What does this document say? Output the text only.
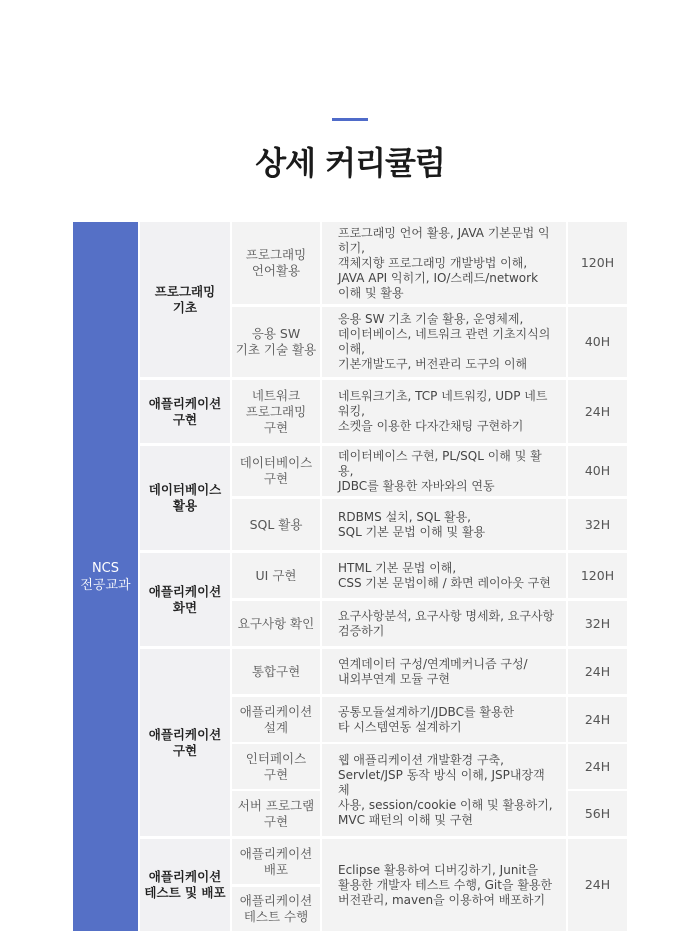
상세 커리큘럼
NCS
전공교과
프로그래밍
기초
애플리케이션
구현
데이터베이스
활용
애플리케이션
화면
애플리케이션
구현
애플리케이션
테스트 및 배포
프로그래밍
언어활용
응용 SW
기초 기술 활용
네트워크
프로그래밍
구현
데이터베이스
구현
SQL 활용
UI 구현
요구사항 확인
통합구현
애플리케이션
설계
인터페이스
구현
서버 프로그램
구현
애플리케이션
배포
애플리케이션
테스트 수행
프로그래밍 언어 활용, JAVA 기본문법 익히기,
객체지향 프로그래밍 개발방법 이해,
JAVA API 익히기, IO/스레드/network
이해 및 활용
응용 SW 기초 기술 활용, 운영체제,
데이터베이스, 네트워크 관련 기초지식의 이해,
기본개발도구, 버전관리 도구의 이해
네트워크기초, TCP 네트워킹, UDP 네트워킹,
소켓을 이용한 다자간채팅 구현하기
데이터베이스 구현, PL/SQL 이해 및 활용,
JDBC를 활용한 자바와의 연동
RDBMS 설치, SQL 활용,
SQL 기본 문법 이해 및 활용
HTML 기본 문법 이해,
CSS 기본 문법이해 / 화면 레이아웃 구현
요구사항분석, 요구사항 명세화, 요구사항
검증하기
연계데이터 구성/연계메커니즘 구성/
내외부연계 모듈 구현
공통모듈설계하기/JDBC를 활용한
타 시스템연동 설계하기
웹 애플리케이션 개발환경 구축,
Servlet/JSP 동작 방식 이해, JSP내장객체
사용, session/cookie 이해 및 활용하기,
MVC 패턴의 이해 및 구현
Eclipse 활용하여 디버깅하기, Junit을
활용한 개발자 테스트 수행, Git을 활용한
버전관리, maven을 이용하여 배포하기
120H
40H
24H
40H
32H
120H
32H
24H
24H
24H
56H
24H
